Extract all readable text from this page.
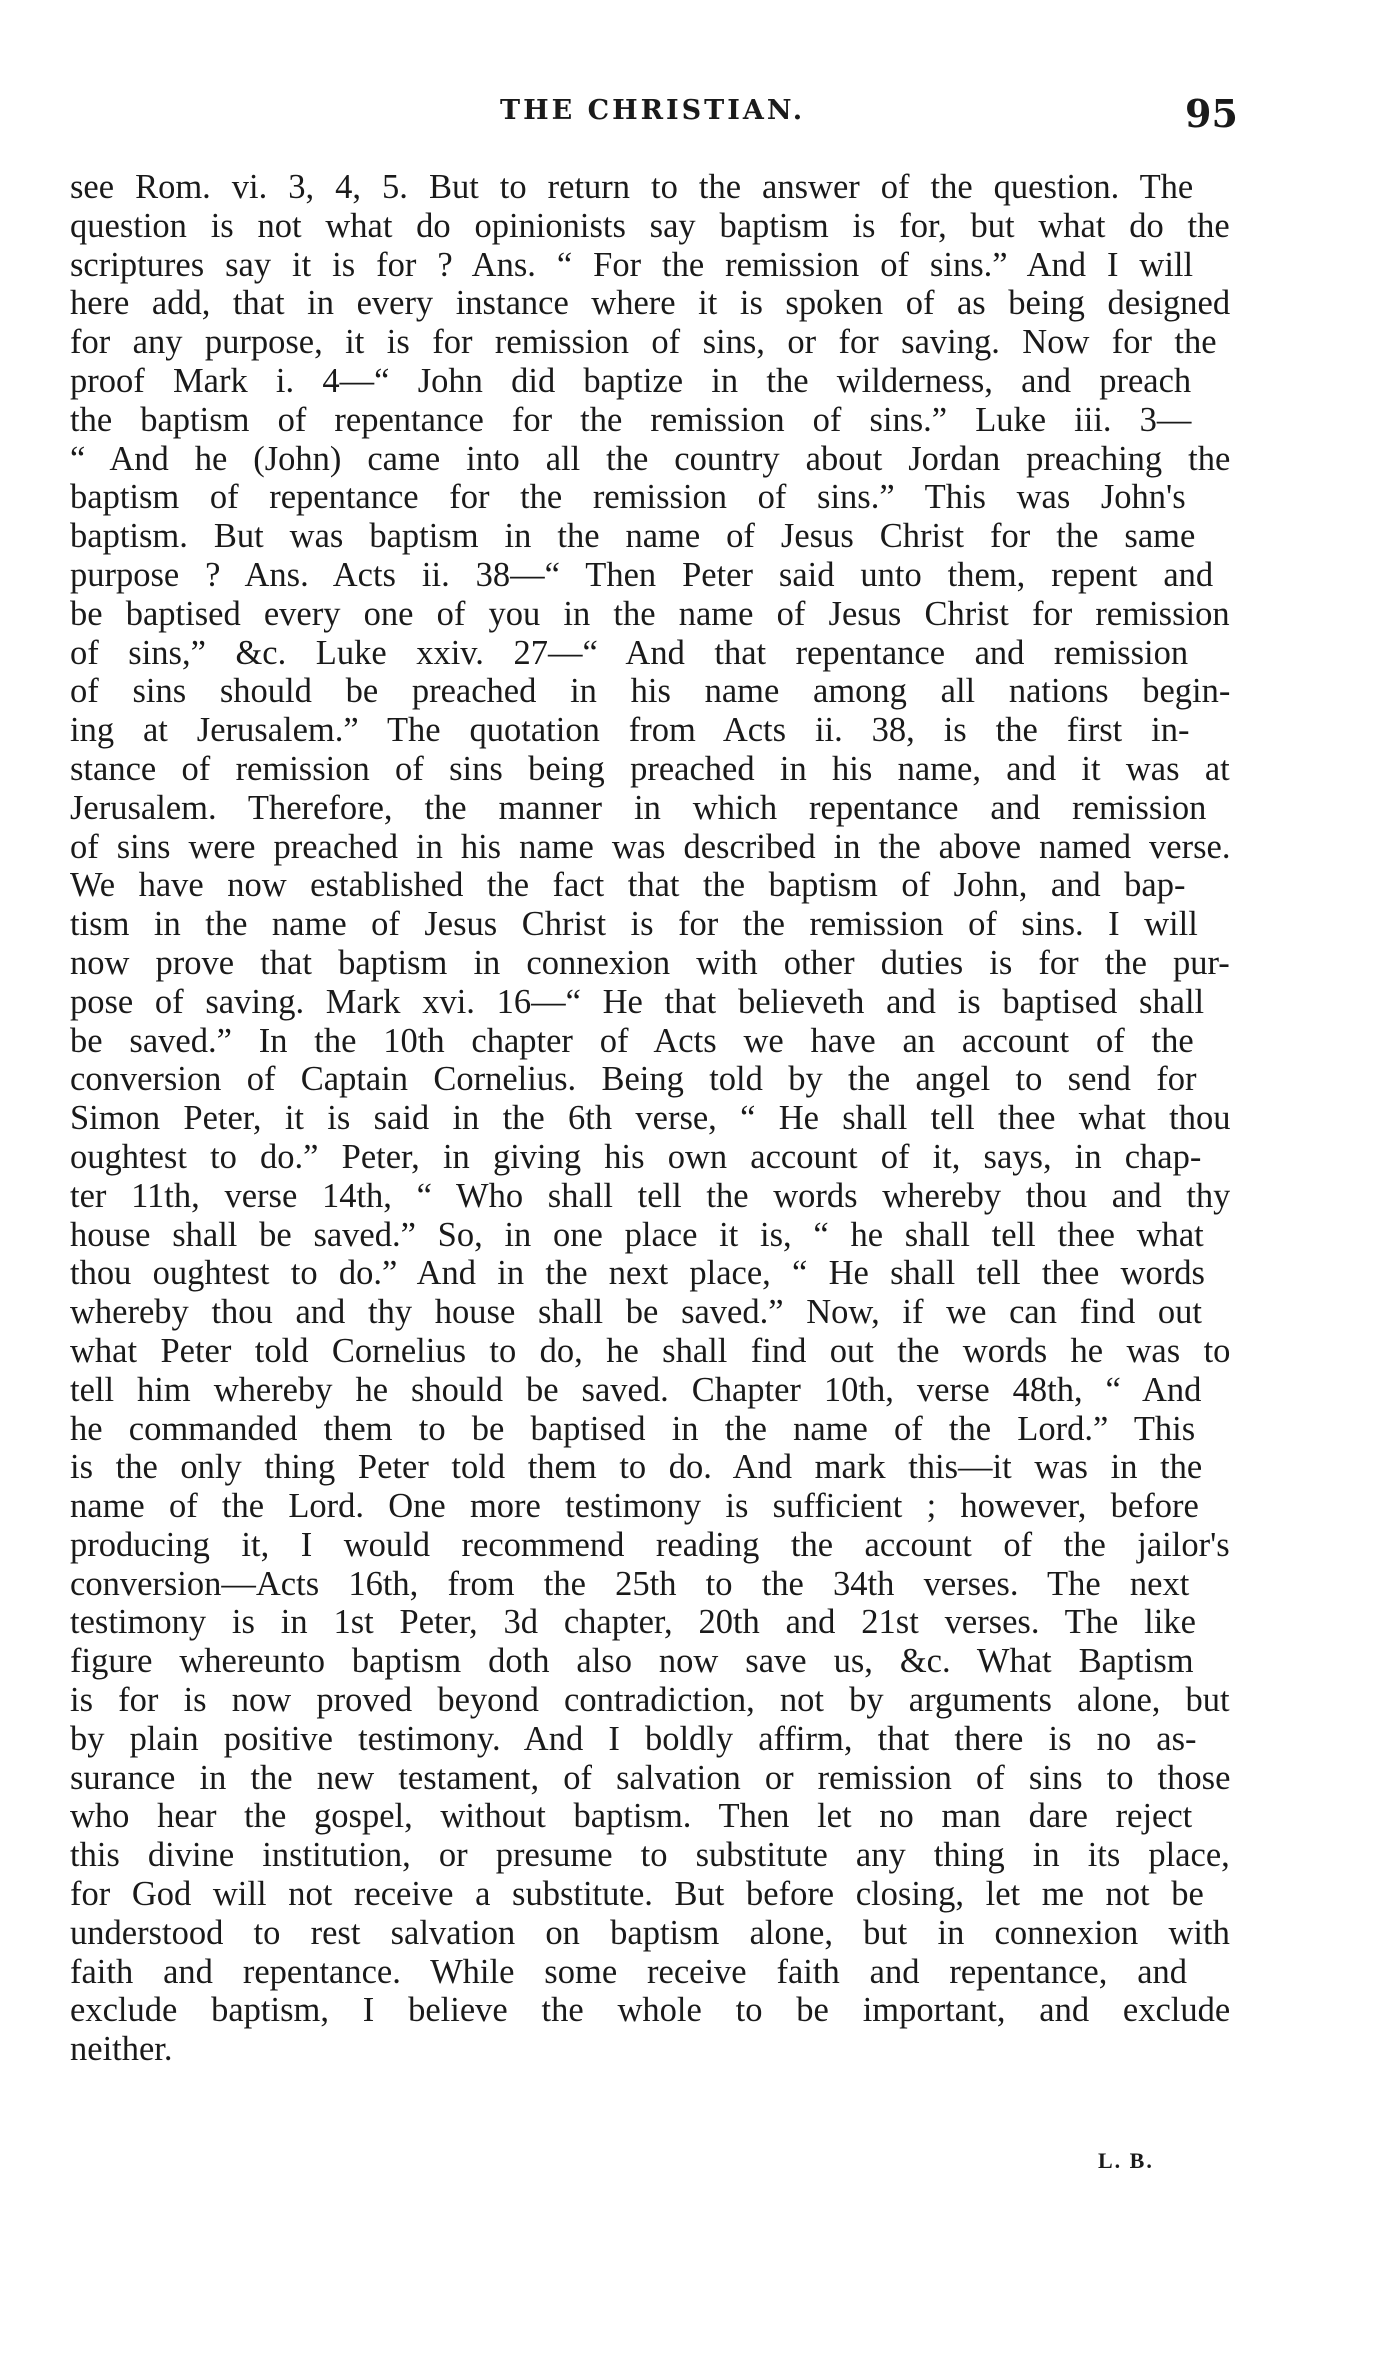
THE CHRISTIAN.	95
see Rom. vi. 3, 4, 5. But to return to the answer of the question. The
question is not what do opinionists say baptism is for, but what do the
scriptures say it is for ? Ans. “ For the remission of sins.” And I will
here add, that in every instance where it is spoken of as being designed
for any purpose, it is for remission of sins, or for saving. Now for the
proof Mark i. 4—“ John did baptize in the wilderness, and preach
the baptism of repentance for the remission of sins.” Luke iii. 3—
“ And he (John) came into all the country about Jordan preaching the
baptism of repentance for the remission of sins.” This was John's
baptism. But was baptism in the name of Jesus Christ for the same
purpose ? Ans. Acts ii. 38—“ Then Peter said unto them, repent and
be baptised every one of you in the name of Jesus Christ for remission
of sins,” &c. Luke xxiv. 27—“ And that repentance and remission
of sins should be preached in his name among all nations begin-
ing at Jerusalem.” The quotation from Acts ii. 38, is the first in-
stance of remission of sins being preached in his name, and it was at
Jerusalem. Therefore, the manner in which repentance and remission
of sins were preached in his name was described in the above named verse.
We have now established the fact that the baptism of John, and bap-
tism in the name of Jesus Christ is for the remission of sins. I will
now prove that baptism in connexion with other duties is for the pur-
pose of saving. Mark xvi. 16—“ He that believeth and is baptised shall
be saved.” In the 10th chapter of Acts we have an account of the
conversion of Captain Cornelius. Being told by the angel to send for
Simon Peter, it is said in the 6th verse, “ He shall tell thee what thou
oughtest to do.” Peter, in giving his own account of it, says, in chap-
ter 11th, verse 14th, “ Who shall tell the words whereby thou and thy
house shall be saved.” So, in one place it is, “ he shall tell thee what
thou oughtest to do.” And in the next place, “ He shall tell thee words
whereby thou and thy house shall be saved.” Now, if we can find out
what Peter told Cornelius to do, he shall find out the words he was to
tell him whereby he should be saved. Chapter 10th, verse 48th, “ And
he commanded them to be baptised in the name of the Lord.” This
is the only thing Peter told them to do. And mark this—it was in the
name of the Lord. One more testimony is sufficient ; however, before
producing it, I would recommend reading the account of the jailor's
conversion—Acts 16th, from the 25th to the 34th verses. The next
testimony is in 1st Peter, 3d chapter, 20th and 21st verses. The like
figure whereunto baptism doth also now save us, &c. What Baptism
is for is now proved beyond contradiction, not by arguments alone, but
by plain positive testimony. And I boldly affirm, that there is no as-
surance in the new testament, of salvation or remission of sins to those
who hear the gospel, without baptism. Then let no man dare reject
this divine institution, or presume to substitute any thing in its place,
for God will not receive a substitute. But before closing, let me not be
understood to rest salvation on baptism alone, but in connexion with
faith and repentance. While some receive faith and repentance, and
exclude baptism, I believe the whole to be important, and exclude
neither.
L. B.
